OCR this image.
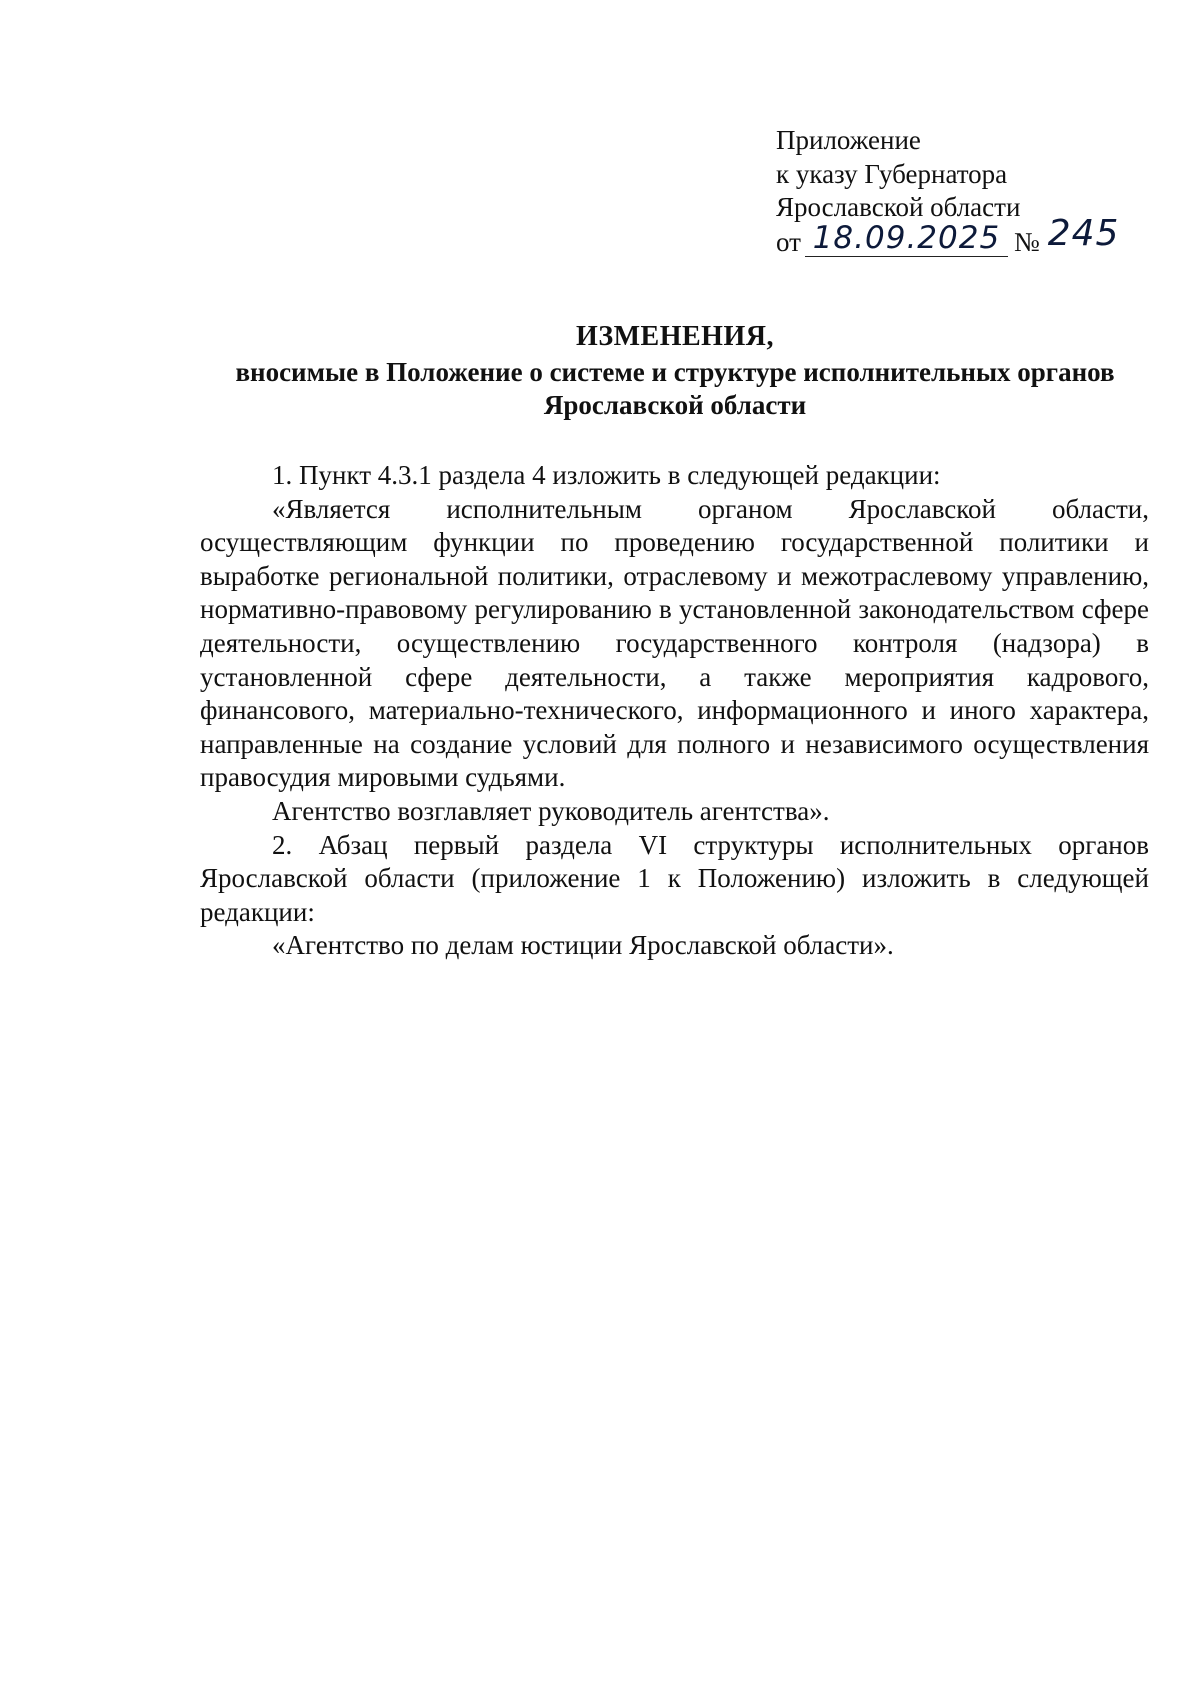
Приложение
к указу Губернатора
Ярославской области
от 18.09.2025 № 245
ИЗМЕНЕНИЯ,
вносимые в Положение о системе и структуре исполнительных органов
Ярославской области

1. Пункт 4.3.1 раздела 4 изложить в следующей редакции:

«Является исполнительным органом Ярославской области, осуществляющим функции по проведению государственной политики и выработке региональной политики, отраслевому и межотраслевому управлению, нормативно-правовому регулированию в установленной законодательством сфере деятельности, осуществлению государственного контроля (надзора) в установленной сфере деятельности, а также мероприятия кадрового, финансового, материально-технического, информационного и иного характера, направленные на создание условий для полного и независимого осуществления правосудия мировыми судьями.

Агентство возглавляет руководитель агентства».

2. Абзац первый раздела VI структуры исполнительных органов Ярославской области (приложение 1 к Положению) изложить в следующей редакции:

«Агентство по делам юстиции Ярославской области».
